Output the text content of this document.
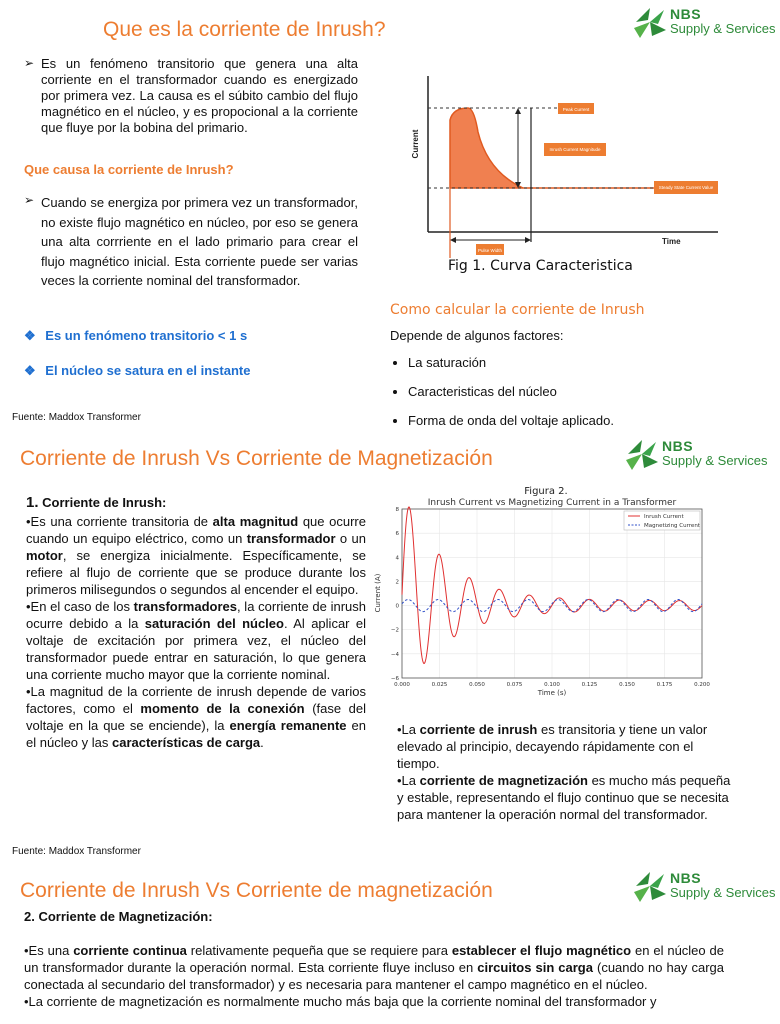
Que es la corriente de Inrush?
NBS
Supply & Services
➢ Es un fenómeno transitorio que genera una alta corriente en el transformador cuando es energizado por primera vez. La causa es el súbito cambio del flujo magnético en el núcleo, y es propocional a la corriente que fluye por la bobina del primario.

Que causa la corriente de Inrush?
➢ Cuando se energiza por primera vez un transformador, no existe flujo magnético en núcleo, por eso se genera una alta corrriente en el lado primario para crear el flujo magnético inicial. Esta corriente puede ser varias veces la corriente nominal del transformador.

❖ Es un fenómeno transitorio < 1 s
❖ El núcleo se satura en el instante
Fuente: Maddox Transformer
Peak Current
Inrush Current Magnitude
Steady State Current Value
Pulse Width
Current
Time
Fig 1. Curva Caracteristica
Como calcular la corriente de Inrush
Depende de algunos factores:
• La saturación
• Caracteristicas del núcleo
• Forma de onda del voltaje aplicado.
Corriente de Inrush Vs Corriente de Magnetización
NBS
Supply & Services
1. Corriente de Inrush:

•Es una corriente transitoria de alta magnitud que ocurre cuando un equipo eléctrico, como un transformador o un motor, se energiza inicialmente. Específicamente, se refiere al flujo de corriente que se produce durante los primeros milisegundos o segundos al encender el equipo.

•En el caso de los transformadores, la corriente de inrush ocurre debido a la saturación del núcleo. Al aplicar el voltaje de excitación por primera vez, el núcleo del transformador puede entrar en saturación, lo que genera una corriente mucho mayor que la corriente nominal.

•La magnitud de la corriente de inrush depende de varios factores, como el momento de la conexión (fase del voltaje en la que se enciende), la energía remanente en el núcleo y las características de carga.

Figura 2.
Inrush Current vs Magnetizing Current in a Transformer
0.000	0.025	0.050	0.075	0.100	0.125	0.150	0.175	0.200
−6
−4
−2
0
2
4
6
8
Current (A)
Time (s)
Inrush Current
Magnetizing Current

•La corriente de inrush es transitoria y tiene un valor elevado al principio, decayendo rápidamente con el tiempo.

•La corriente de magnetización es mucho más pequeña y estable, representando el flujo continuo que se necesita para mantener la operación normal del transformador.

Fuente: Maddox Transformer
Corriente de Inrush Vs Corriente de magnetización
NBS
Supply & Services
2. Corriente de Magnetización:

•Es una corriente continua relativamente pequeña que se requiere para establecer el flujo magnético en el núcleo de un transformador durante la operación normal. Esta corriente fluye incluso en circuitos sin carga (cuando no hay carga conectada al secundario del transformador) y es necesaria para mantener el campo magnético en el núcleo.

•La corriente de magnetización es normalmente mucho más baja que la corriente nominal del transformador y
